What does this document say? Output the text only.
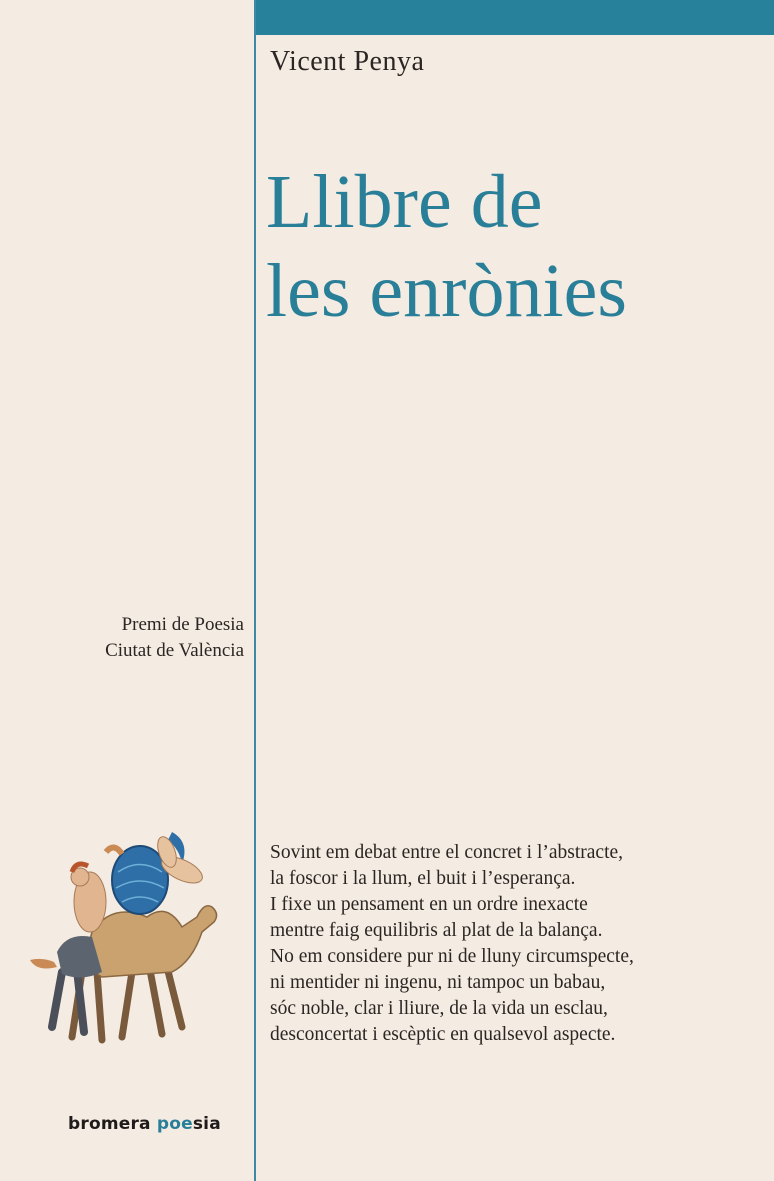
Vicent Penya
Llibre de
les enrònies
Premi de Poesia
Ciutat de València
Sovint em debat entre el concret i l’abstracte,
la foscor i la llum, el buit i l’esperança.
I fixe un pensament en un ordre inexacte
mentre faig equilibris al plat de la balança.
No em considere pur ni de lluny circumspecte,
ni mentider ni ingenu, ni tampoc un babau,
sóc noble, clar i lliure, de la vida un esclau,
desconcertat i escèptic en qualsevol aspecte.
bromera poesia
